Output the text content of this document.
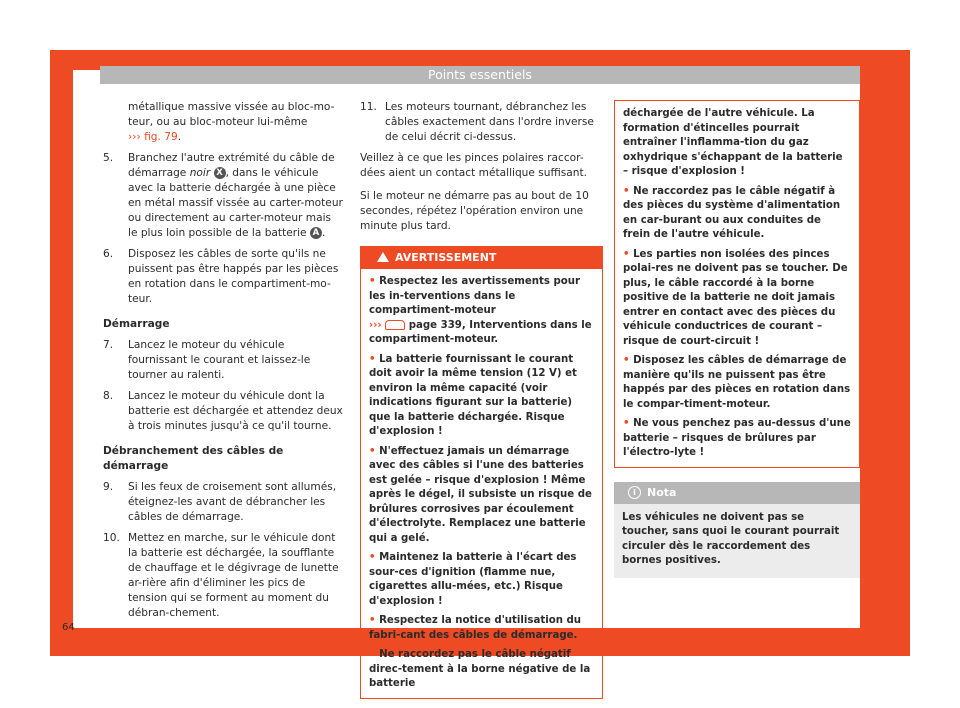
Points essentiels

métallique massive vissée au bloc-mo-teur, ou au bloc-moteur lui-même
››› fig. 79.

5. Branchez l'autre extrémité du câble de démarrage noir X , dans le véhicule avec la batterie déchargée à une pièce en métal massif vissée au carter-moteur ou directement au carter-moteur mais le plus loin possible de la batterie A .
6. Disposez les câbles de sorte qu'ils ne puissent pas être happés par les pièces en rotation dans le compartiment-mo-teur.
Démarrage
7. Lancez le moteur du véhicule fournissant le courant et laissez-le tourner au ralenti.
8. Lancez le moteur du véhicule dont la batterie est déchargée et attendez deux à trois minutes jusqu'à ce qu'il tourne.
Débranchement des câbles de démarrage
9. Si les feux de croisement sont allumés, éteignez-les avant de débrancher les câbles de démarrage.
10. Mettez en marche, sur le véhicule dont la batterie est déchargée, la soufflante de chauffage et le dégivrage de lunette ar-rière afin d'éliminer les pics de tension qui se forment au moment du débran-chement.
11. Les moteurs tournant, débranchez les câbles exactement dans l'ordre inverse de celui décrit ci-dessus.

Veillez à ce que les pinces polaires raccor-dées aient un contact métallique suffisant.

Si le moteur ne démarre pas au bout de 10 secondes, répétez l'opération environ une minute plus tard.

AVERTISSEMENT

• Respectez les avertissements pour les in-terventions dans le compartiment-moteur
›››  page 339, Interventions dans le compartiment-moteur.

• La batterie fournissant le courant doit avoir la même tension (12 V) et environ la même capacité (voir indications figurant sur la batterie) que la batterie déchargée. Risque d'explosion !

• N'effectuez jamais un démarrage avec des câbles si l'une des batteries est gelée – risque d'explosion ! Même après le dégel, il subsiste un risque de brûlures corrosives par écoulement d'électrolyte. Remplacez une batterie qui a gelé.

• Maintenez la batterie à l'écart des sour-ces d'ignition (flamme nue, cigarettes allu-mées, etc.) Risque d'explosion !

• Respectez la notice d'utilisation du fabri-cant des câbles de démarrage.

• Ne raccordez pas le câble négatif direc-tement à la borne négative de la batterie

déchargée de l'autre véhicule. La formation d'étincelles pourrait entraîner l'inflamma-tion du gaz oxhydrique s'échappant de la batterie – risque d'explosion !

• Ne raccordez pas le câble négatif à des pièces du système d'alimentation en car-burant ou aux conduites de frein de l'autre véhicule.

• Les parties non isolées des pinces polai-res ne doivent pas se toucher. De plus, le câble raccordé à la borne positive de la batterie ne doit jamais entrer en contact avec des pièces du véhicule conductrices de courant – risque de court-circuit !

• Disposez les câbles de démarrage de manière qu'ils ne puissent pas être happés par des pièces en rotation dans le compar-timent-moteur.

• Ne vous penchez pas au-dessus d'une batterie – risques de brûlures par l'électro-lyte !

i Nota
Les véhicules ne doivent pas se toucher, sans quoi le courant pourrait circuler dès le raccordement des bornes positives.
64
